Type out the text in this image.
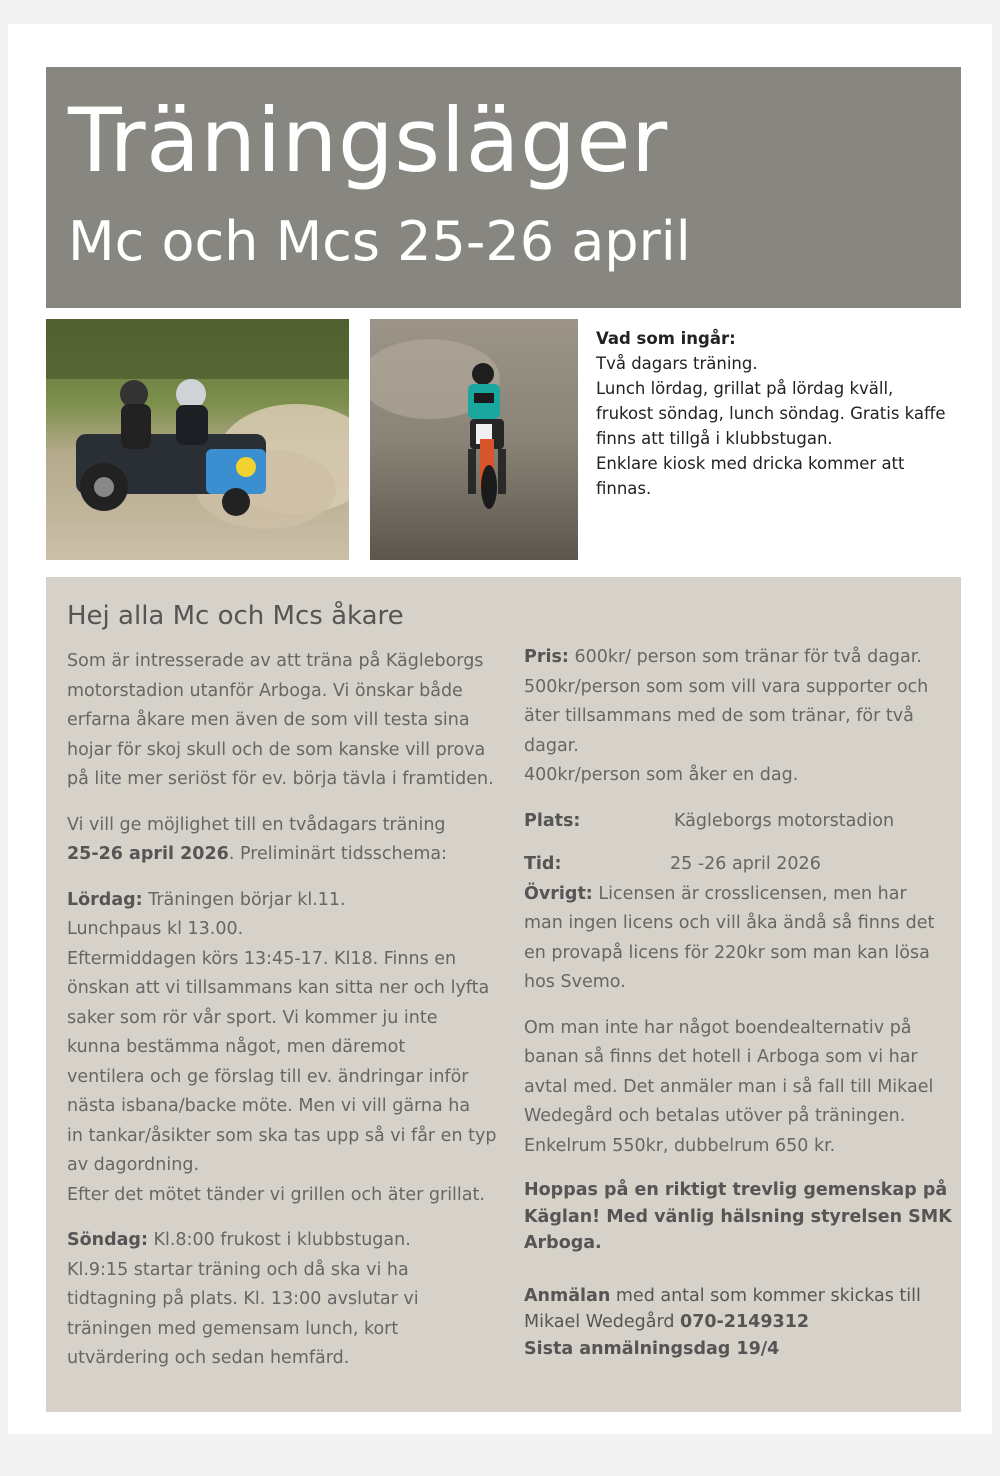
Träningsläger
Mc och Mcs 25-26 april
Vad som ingår:
Två dagars träning.
Lunch lördag, grillat på lördag kväll,
frukost söndag, lunch söndag. Gratis kaffe
finns att tillgå i klubbstugan.
Enklare kiosk med dricka kommer att
finnas.
Hej alla Mc och Mcs åkare
Som är intresserade av att träna på Kägleborgs
motorstadion utanför Arboga. Vi önskar både
erfarna åkare men även de som vill testa sina
hojar för skoj skull och de som kanske vill prova
på lite mer seriöst för ev. börja tävla i framtiden.
Vi vill ge möjlighet till en tvådagars träning
25-26 april 2026. Preliminärt tidsschema:
Lördag: Träningen börjar kl.11.
Lunchpaus kl 13.00.
Eftermiddagen körs 13:45-17. Kl18. Finns en
önskan att vi tillsammans kan sitta ner och lyfta
saker som rör vår sport. Vi kommer ju inte
kunna bestämma något, men däremot
ventilera och ge förslag till ev. ändringar inför
nästa isbana/backe möte. Men vi vill gärna ha
in tankar/åsikter som ska tas upp så vi får en typ
av dagordning.
Efter det mötet tänder vi grillen och äter grillat.
Söndag: Kl.8:00 frukost i klubbstugan.
Kl.9:15 startar träning och då ska vi ha
tidtagning på plats. Kl. 13:00 avslutar vi
träningen med gemensam lunch, kort
utvärdering och sedan hemfärd.
Pris: 600kr/ person som tränar för två dagar.
500kr/person som som vill vara supporter och
äter tillsammans med de som tränar, för två
dagar.
400kr/person som åker en dag.
Plats:	Kägleborgs motorstadion
Tid:	25 -26 april 2026
Övrigt: Licensen är crosslicensen, men har
man ingen licens och vill åka ändå så finns det
en provapå licens för 220kr som man kan lösa
hos Svemo.
Om man inte har något boendealternativ på
banan så finns det hotell i Arboga som vi har
avtal med. Det anmäler man i så fall till Mikael
Wedegård och betalas utöver på träningen.
Enkelrum 550kr, dubbelrum 650 kr.
Hoppas på en riktigt trevlig gemenskap på
Käglan! Med vänlig hälsning styrelsen SMK
Arboga.
Anmälan med antal som kommer skickas till
Mikael Wedegård 070-2149312
Sista anmälningsdag 19/4
